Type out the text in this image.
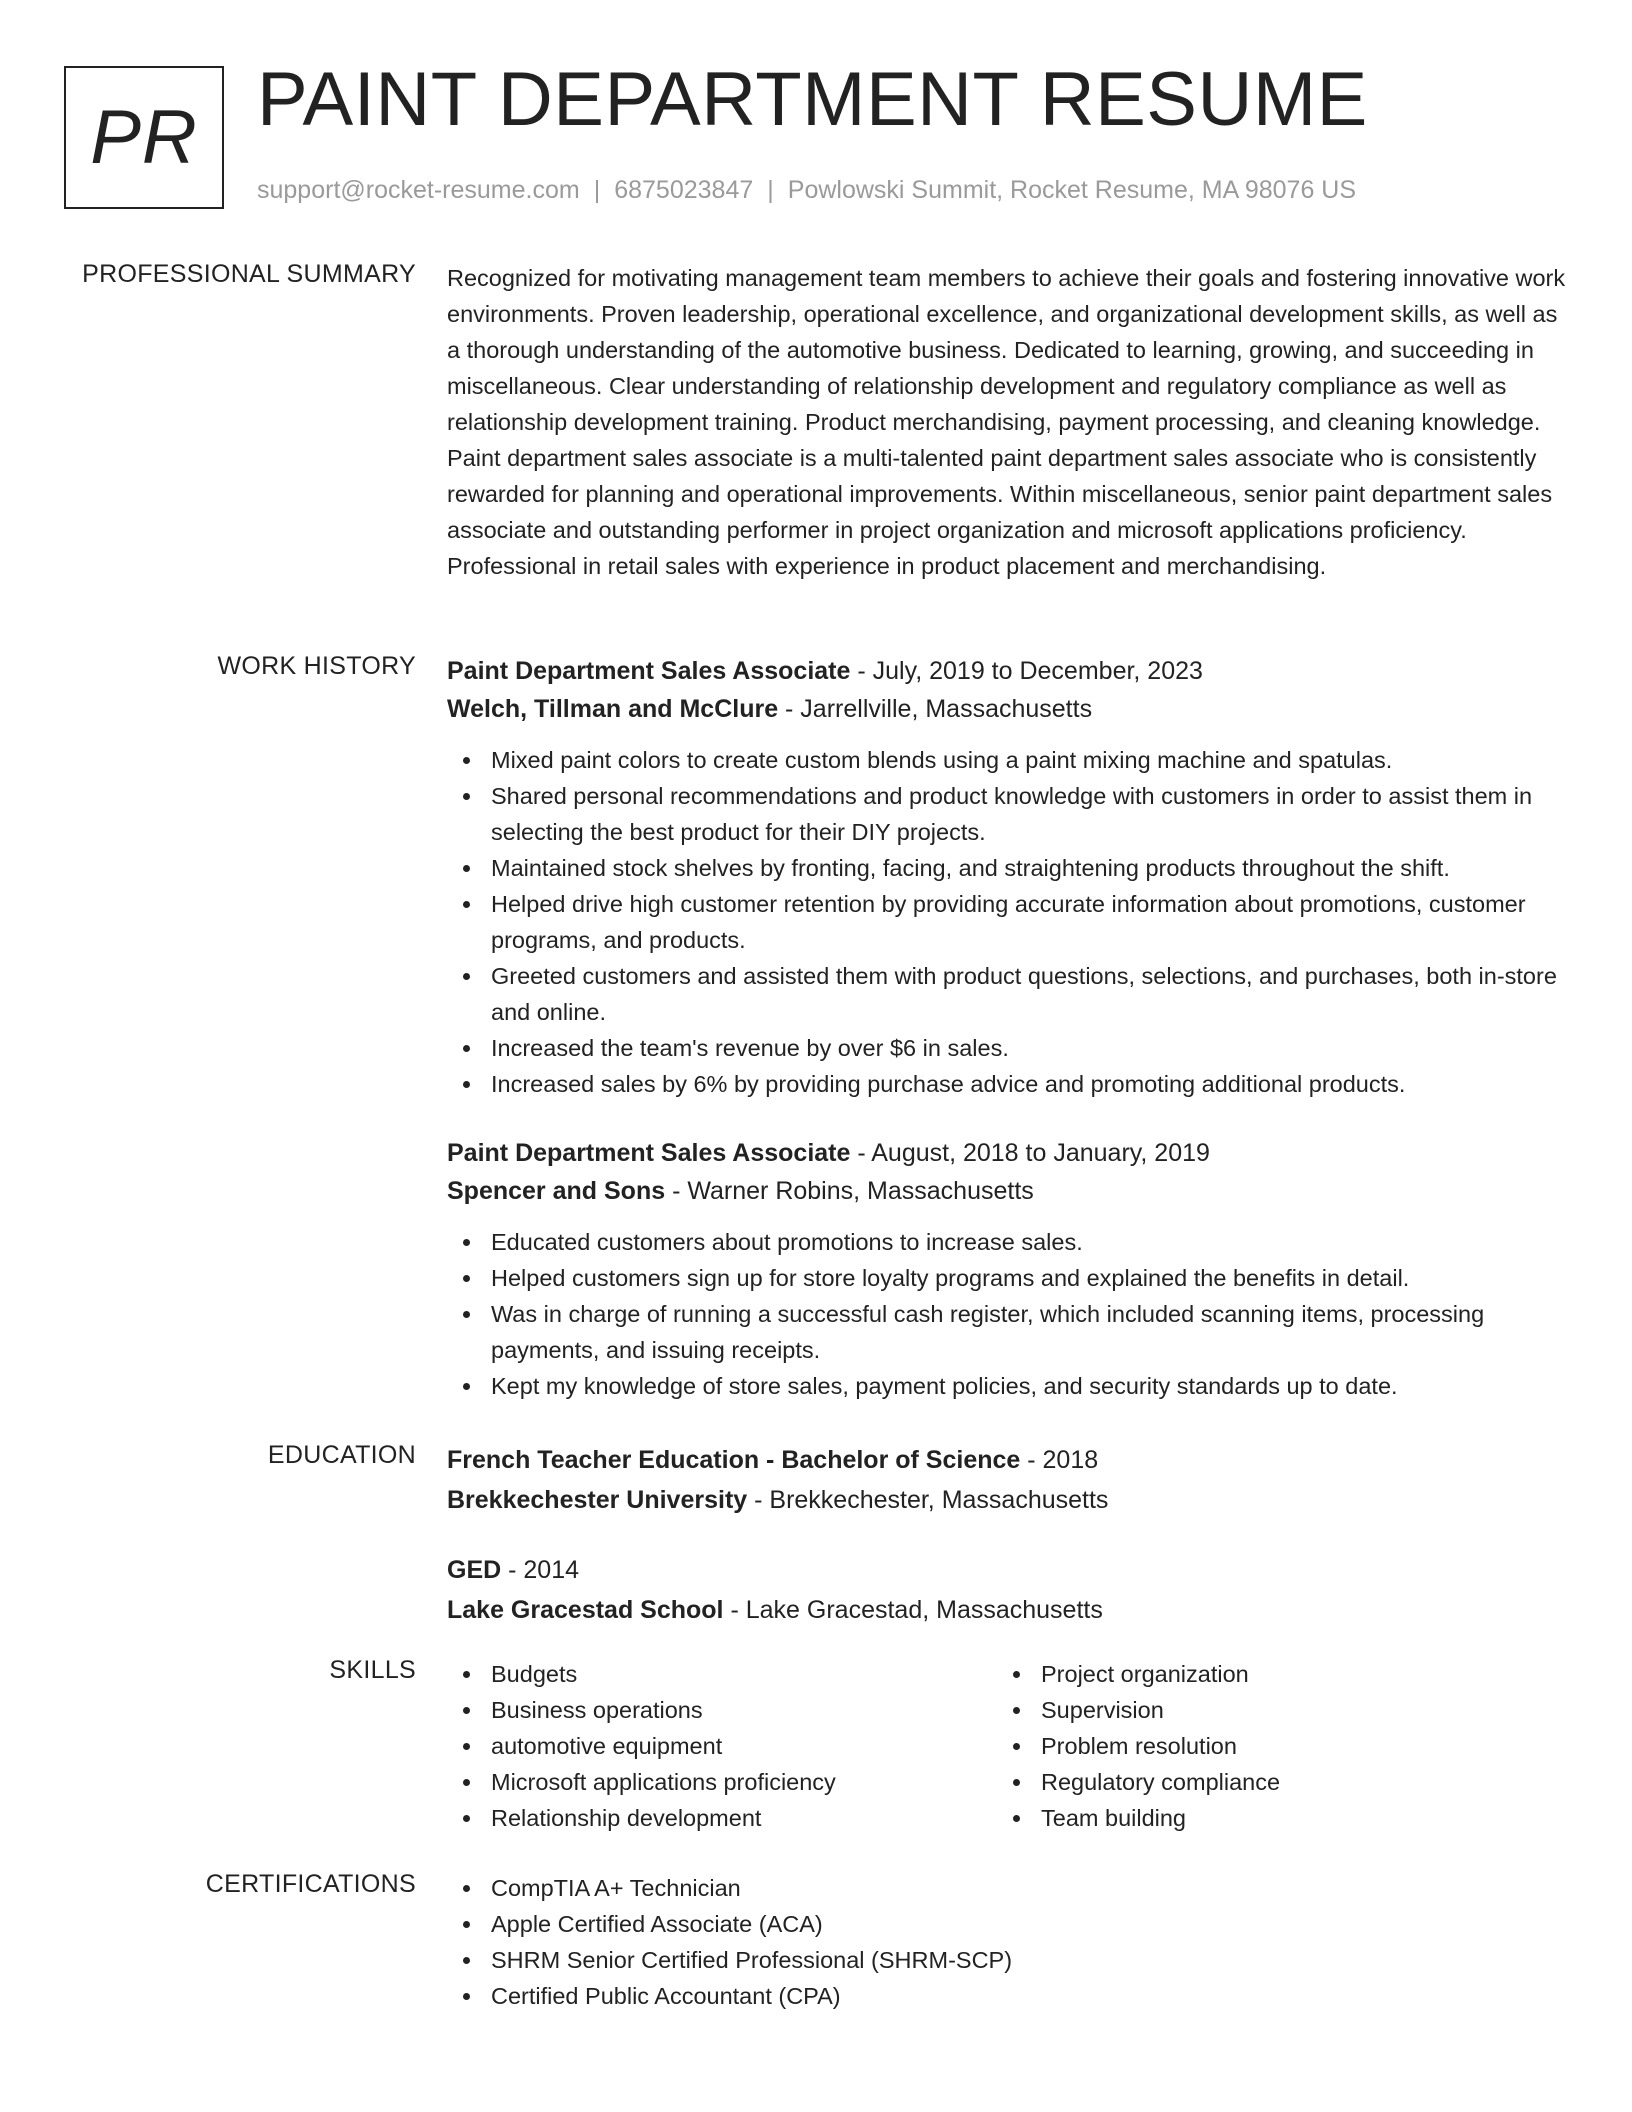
PR PAINT DEPARTMENT RESUME
support@rocket-resume.com | 6875023847 | Powlowski Summit, Rocket Resume, MA 98076 US
PROFESSIONAL SUMMARY Recognized for motivating management team members to achieve their goals and fostering innovative work environments. Proven leadership, operational excellence, and organizational development skills, as well as a thorough understanding of the automotive business. Dedicated to learning, growing, and succeeding in miscellaneous. Clear understanding of relationship development and regulatory compliance as well as relationship development training. Product merchandising, payment processing, and cleaning knowledge. Paint department sales associate is a multi-talented paint department sales associate who is consistently rewarded for planning and operational improvements. Within miscellaneous, senior paint department sales associate and outstanding performer in project organization and microsoft applications proficiency. Professional in retail sales with experience in product placement and merchandising.

WORK HISTORY Paint Department Sales Associate - July, 2019 to December, 2023
Welch, Tillman and McClure - Jarrellville, Massachusetts
Mixed paint colors to create custom blends using a paint mixing machine and spatulas.
Shared personal recommendations and product knowledge with customers in order to assist them in selecting the best product for their DIY projects.
Maintained stock shelves by fronting, facing, and straightening products throughout the shift.
Helped drive high customer retention by providing accurate information about promotions, customer programs, and products.
Greeted customers and assisted them with product questions, selections, and purchases, both in-store and online.
Increased the team's revenue by over $6 in sales.
Increased sales by 6% by providing purchase advice and promoting additional products.
Paint Department Sales Associate - August, 2018 to January, 2019
Spencer and Sons - Warner Robins, Massachusetts
Educated customers about promotions to increase sales.
Helped customers sign up for store loyalty programs and explained the benefits in detail.
Was in charge of running a successful cash register, which included scanning items, processing payments, and issuing receipts.
Kept my knowledge of store sales, payment policies, and security standards up to date.
EDUCATION French Teacher Education - Bachelor of Science - 2018
Brekkechester University - Brekkechester, Massachusetts
GED - 2014
Lake Gracestad School - Lake Gracestad, Massachusetts
SKILLS	Budgets
Business operations
automotive equipment
Microsoft applications proficiency
Relationship development
Project organization
Supervision
Problem resolution
Regulatory compliance
Team building
CERTIFICATIONS	CompTIA A+ Technician
Apple Certified Associate (ACA)
SHRM Senior Certified Professional (SHRM-SCP)
Certified Public Accountant (CPA)
